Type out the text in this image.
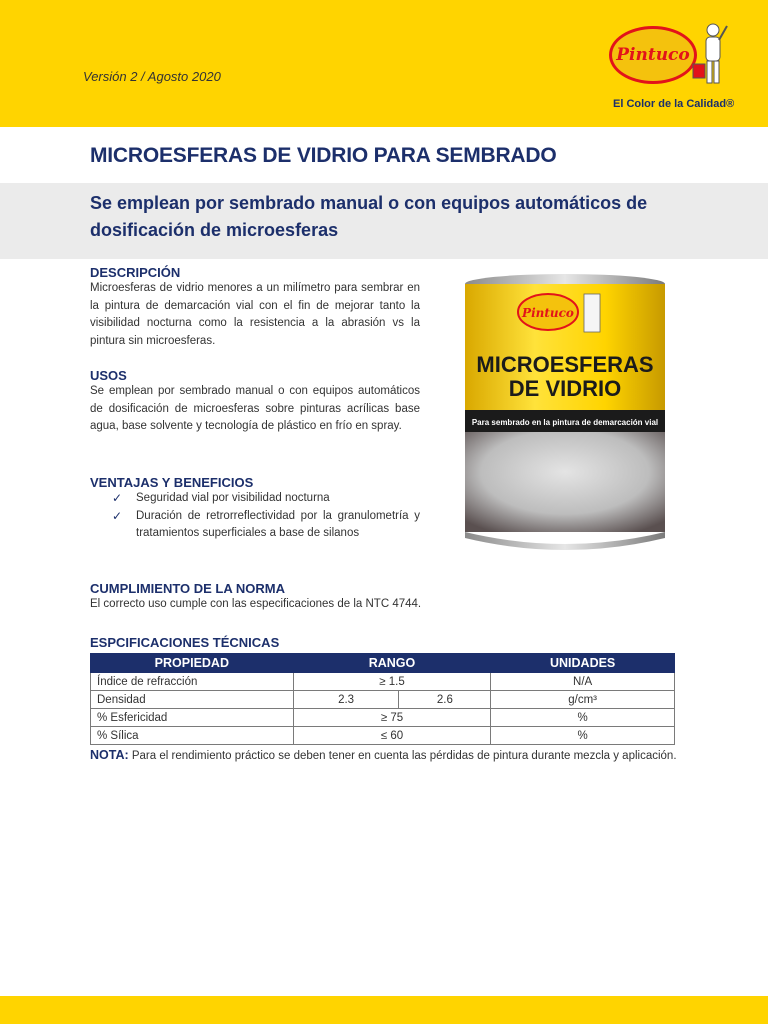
Versión 2 / Agosto 2020
Pintuco
El Color de la Calidad®
MICROESFERAS DE VIDRIO PARA SEMBRADO
Se emplean por sembrado manual o con equipos automáticos de dosificación de microesferas
DESCRIPCIÓN
Microesferas de vidrio menores a un milímetro para sembrar en la pintura de demarcación vial con el fin de mejorar tanto la visibilidad nocturna como la resistencia a la abrasión vs la pintura sin microesferas.
USOS
Se emplean por sembrado manual o con equipos automáticos de dosificación de microesferas sobre pinturas acrílicas base agua, base solvente y tecnología de plástico en frío en spray.
VENTAJAS Y BENEFICIOS
✓ Seguridad vial por visibilidad nocturna
✓ Duración de retrorreflectividad por la granulometría y tratamientos superficiales a base de silanos
CUMPLIMIENTO DE LA NORMA
El correcto uso cumple con las especificaciones de la NTC 4744.
ESPCIFICACIONES TÉCNICAS
PROPIEDAD	RANGO		UNIDADES
Índice de refracción	≥ 1.5		N/A
Densidad	2.3	2.6	g/cm³
% Esfericidad	≥ 75		%
% Sílica	≤ 60		%
NOTA: Para el rendimiento práctico se deben tener en cuenta las pérdidas de pintura durante mezcla y aplicación.
Pintuco
MICROESFERAS
DE VIDRIO
Para sembrado en la pintura de demarcación vial
